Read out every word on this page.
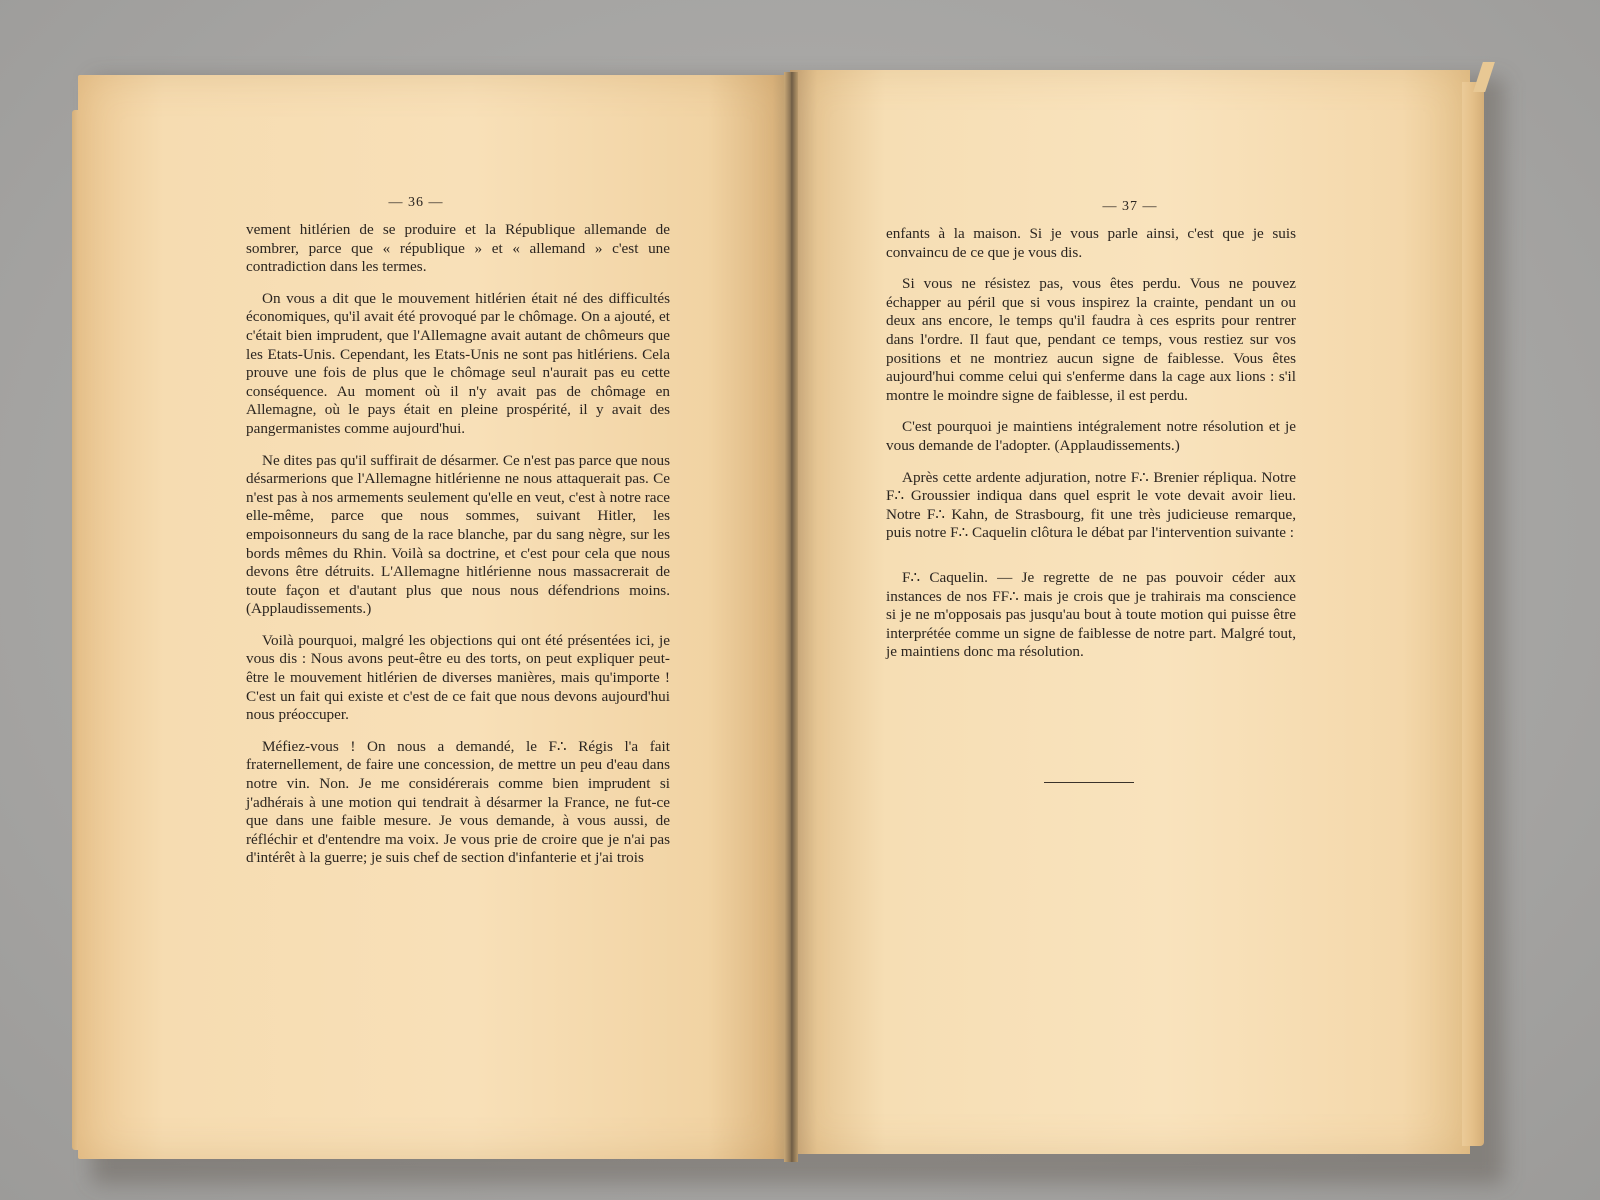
— 36 —

vement hitlérien de se produire et la République allemande de sombrer, parce que « république » et « allemand » c'est une contradiction dans les termes.

On vous a dit que le mouvement hitlérien était né des difficultés économiques, qu'il avait été provoqué par le chômage. On a ajouté, et c'était bien imprudent, que l'Allemagne avait autant de chômeurs que les Etats-Unis. Cependant, les Etats-Unis ne sont pas hitlériens. Cela prouve une fois de plus que le chômage seul n'aurait pas eu cette conséquence. Au moment où il n'y avait pas de chômage en Allemagne, où le pays était en pleine prospérité, il y avait des pangermanistes comme aujourd'hui.

Ne dites pas qu'il suffirait de désarmer. Ce n'est pas parce que nous désarmerions que l'Allemagne hitlérienne ne nous attaquerait pas. Ce n'est pas à nos armements seulement qu'elle en veut, c'est à notre race elle-même, parce que nous sommes, suivant Hitler, les empoisonneurs du sang de la race blanche, par du sang nègre, sur les bords mêmes du Rhin. Voilà sa doctrine, et c'est pour cela que nous devons être détruits. L'Allemagne hitlérienne nous massacrerait de toute façon et d'autant plus que nous nous défendrions moins. (Applaudissements.)

Voilà pourquoi, malgré les objections qui ont été présentées ici, je vous dis : Nous avons peut-être eu des torts, on peut expliquer peut-être le mouvement hitlérien de diverses manières, mais qu'importe ! C'est un fait qui existe et c'est de ce fait que nous devons aujourd'hui nous préoccuper.

Méfiez-vous ! On nous a demandé, le F∴ Régis l'a fait fraternellement, de faire une concession, de mettre un peu d'eau dans notre vin. Non. Je me considérerais comme bien imprudent si j'adhérais à une motion qui tendrait à désarmer la France, ne fut-ce que dans une faible mesure. Je vous demande, à vous aussi, de réfléchir et d'entendre ma voix. Je vous prie de croire que je n'ai pas d'intérêt à la guerre; je suis chef de section d'infanterie et j'ai trois

— 37 —

enfants à la maison. Si je vous parle ainsi, c'est que je suis convaincu de ce que je vous dis.

Si vous ne résistez pas, vous êtes perdu. Vous ne pouvez échapper au péril que si vous inspirez la crainte, pendant un ou deux ans encore, le temps qu'il faudra à ces esprits pour rentrer dans l'ordre. Il faut que, pendant ce temps, vous restiez sur vos positions et ne montriez aucun signe de faiblesse. Vous êtes aujourd'hui comme celui qui s'enferme dans la cage aux lions : s'il montre le moindre signe de faiblesse, il est perdu.

C'est pourquoi je maintiens intégralement notre résolution et je vous demande de l'adopter. (Applaudissements.)

Après cette ardente adjuration, notre F∴ Brenier répliqua. Notre F∴ Groussier indiqua dans quel esprit le vote devait avoir lieu. Notre F∴ Kahn, de Strasbourg, fit une très judicieuse remarque, puis notre F∴ Caquelin clôtura le débat par l'intervention suivante :

F∴ Caquelin. — Je regrette de ne pas pouvoir céder aux instances de nos FF∴ mais je crois que je trahirais ma conscience si je ne m'opposais pas jusqu'au bout à toute motion qui puisse être interprétée comme un signe de faiblesse de notre part. Malgré tout, je maintiens donc ma résolution.
